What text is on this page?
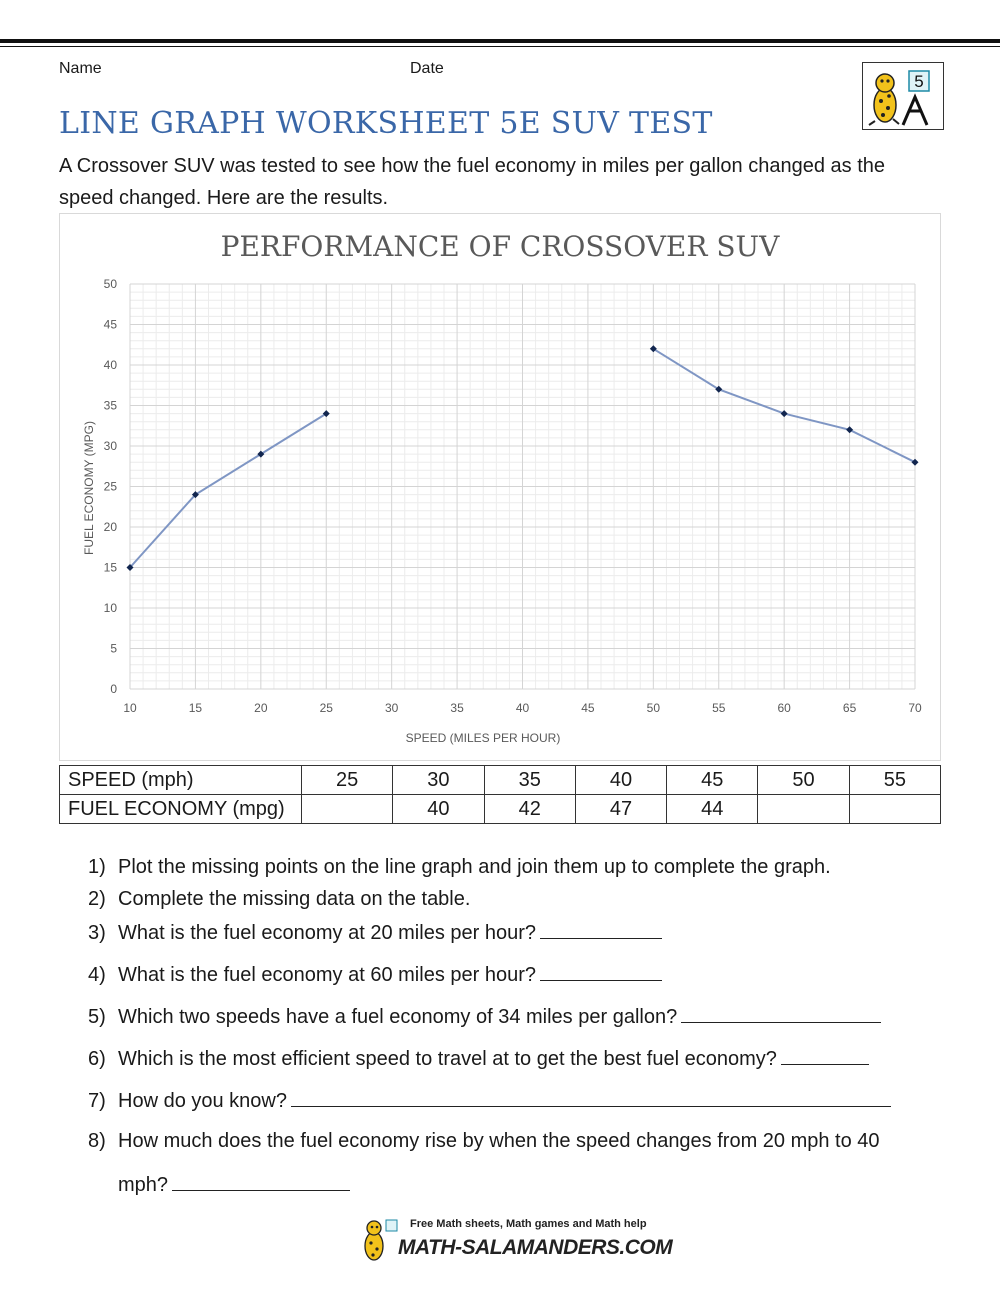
Name	Date
5
LINE GRAPH WORKSHEET 5E SUV TEST
A Crossover SUV was tested to see how the fuel economy in miles per gallon changed as the speed changed. Here are the results.
PERFORMANCE OF CROSSOVER SUV
0
5
10
15
20
25
30
35
40
45
50
10	15	20	25	30	35	40	45	50	55	60	65	70
SPEED (MILES PER HOUR)
FUEL ECONOMY (MPG)
SPEED (mph)	25	30	35	40	45	50	55
FUEL ECONOMY (mpg)		40	42	47	44		
1) Plot the missing points on the line graph and join them up to complete the graph.
2) Complete the missing data on the table.
3) What is the fuel economy at 20 miles per hour?
4) What is the fuel economy at 60 miles per hour?
5) Which two speeds have a fuel economy of 34 miles per gallon?
6) Which is the most efficient speed to travel at to get the best fuel economy?
7) How do you know?
8) How much does the fuel economy rise by when the speed changes from 20 mph to 40
mph?
Free Math sheets, Math games and Math help
MATH-SALAMANDERS.COM
